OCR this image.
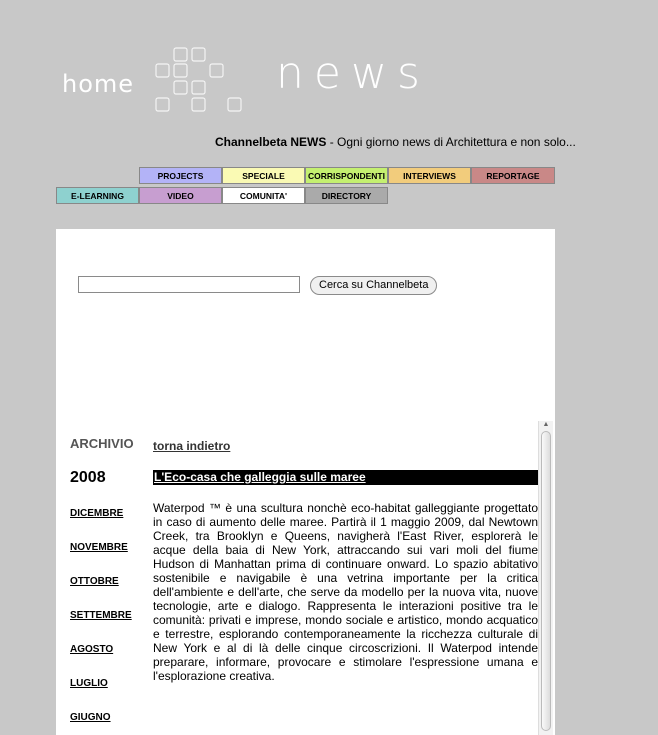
home	news
Channelbeta NEWS - Ogni giorno news di Architettura e non solo...
PROJECTS	SPECIALE	CORRISPONDENTI	INTERVIEWS	REPORTAGE
E-LEARNING	VIDEO	COMUNITA'	DIRECTORY
Cerca su Channelbeta
ARCHIVIO
2008
DICEMBRE
NOVEMBRE
OTTOBRE
SETTEMBRE
AGOSTO
LUGLIO
GIUGNO
torna indietro
L'Eco-casa che galleggia sulle maree
Waterpod ™ è una scultura nonchè eco-habitat galleggiante progettato in caso di aumento delle maree. Partirà il 1 maggio 2009, dal Newtown Creek, tra Brooklyn e Queens, navigherà l'East River, esplorerà le acque della baia di New York, attraccando sui vari moli del fiume Hudson di Manhattan prima di continuare onward. Lo spazio abitativo sostenibile e navigabile è una vetrina importante per la critica dell'ambiente e dell'arte, che serve da modello per la nuova vita, nuove tecnologie, arte e dialogo. Rappresenta le interazioni positive tra le comunità: privati e imprese, mondo sociale e artistico, mondo acquatico e terrestre, esplorando contemporaneamente la ricchezza culturale di New York e al di là delle cinque circoscrizioni. Il Waterpod intende preparare, informare, provocare e stimolare l'espressione umana e l'esplorazione creativa.
▲
